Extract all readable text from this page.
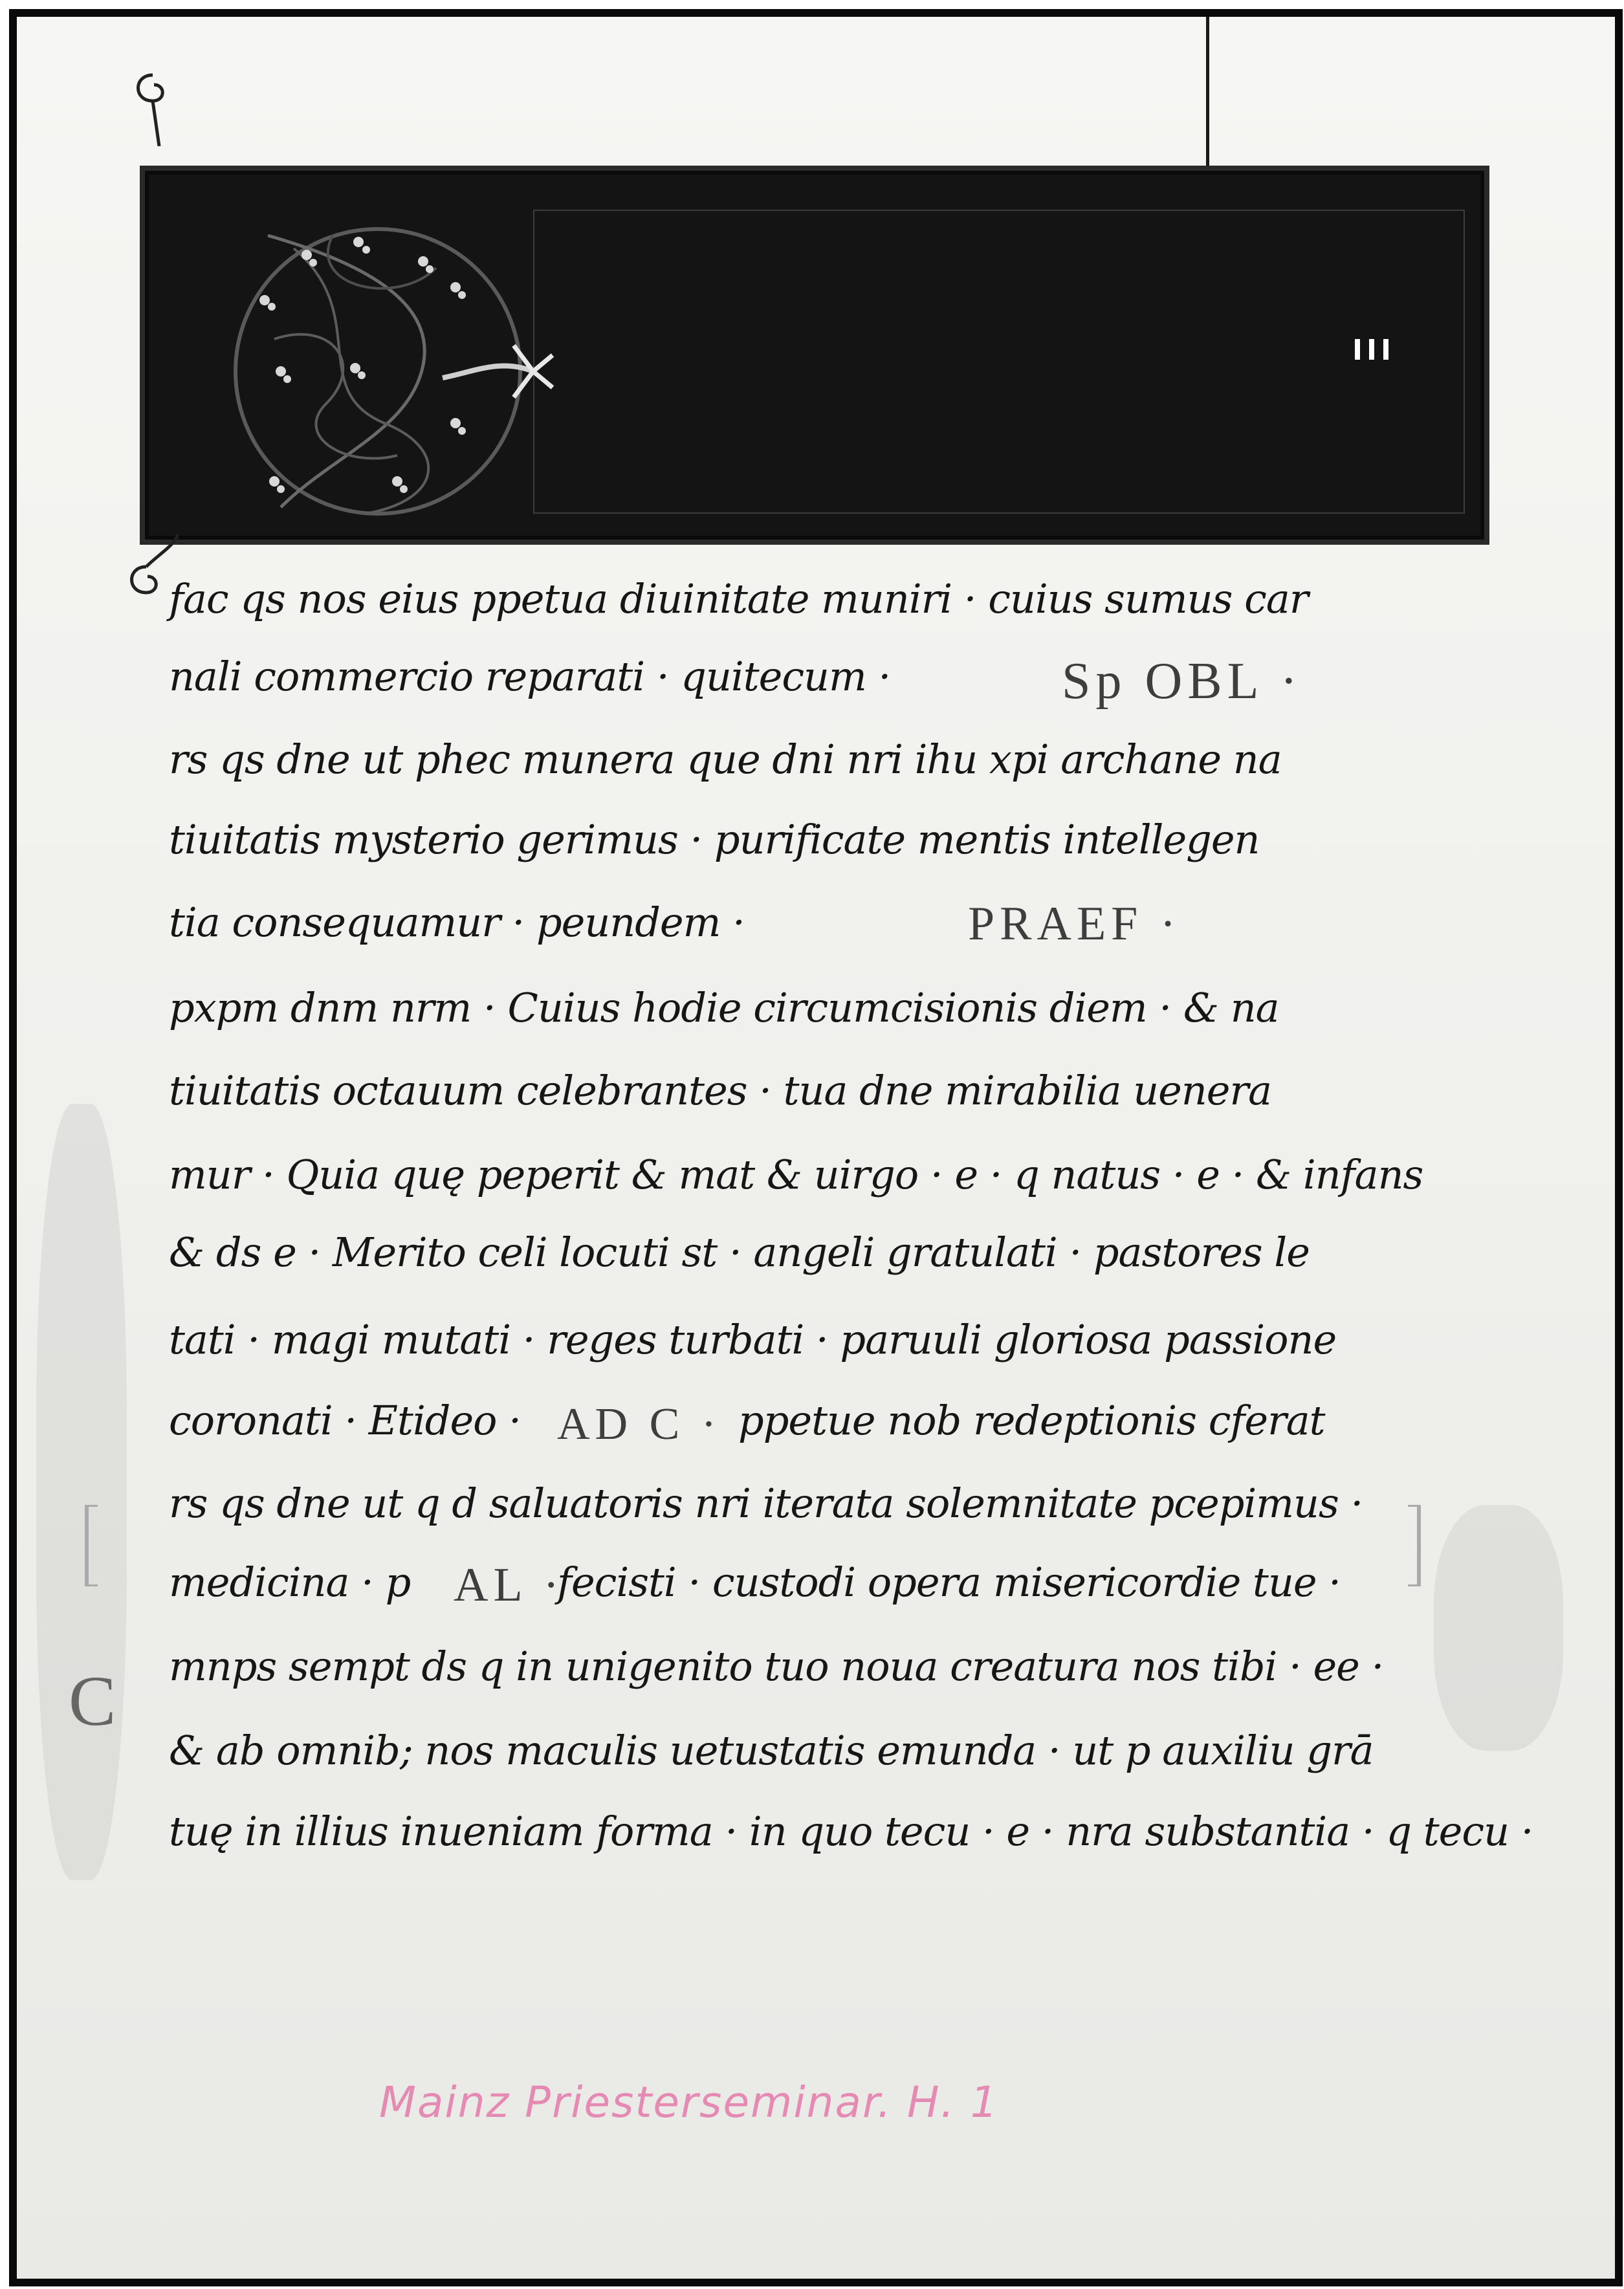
fac qs nos eius ppetua diuinitate muniri · cuius sumus car
nali commercio reparati · quitecum ·	Sp OBL ·
rs qs dne ut phec munera que dni nri ihu xpi archane na
tiuitatis mysterio gerimus · purificate mentis intellegen
tia consequamur · peundem ·	PRAEF ·
pxpm dnm nrm · Cuius hodie circumcisionis diem · & na
tiuitatis octauum celebrantes · tua dne mirabilia uenera
mur · Quia quę peperit & mat & uirgo · e · q natus · e · & infans
& ds e · Merito celi locuti st · angeli gratulati · pastores le
tati · magi mutati · reges turbati · paruuli gloriosa passione
coronati · Etideo · AD C · ppetue nob redeptionis cferat
rs qs dne ut q d saluatoris nri iterata solemnitate pcepimus ·
medicina · p AL ·
fecisti · custodi opera misericordie tue ·
mnps sempt ds q in unigenito tuo noua creatura nos tibi · ee ·
& ab omnib; nos maculis uetustatis emunda · ut p auxiliu grā
tuę in illius inueniam forma · in quo tecu · e · nra substantia · q tecu ·
C
Mainz Priesterseminar. H. 1
